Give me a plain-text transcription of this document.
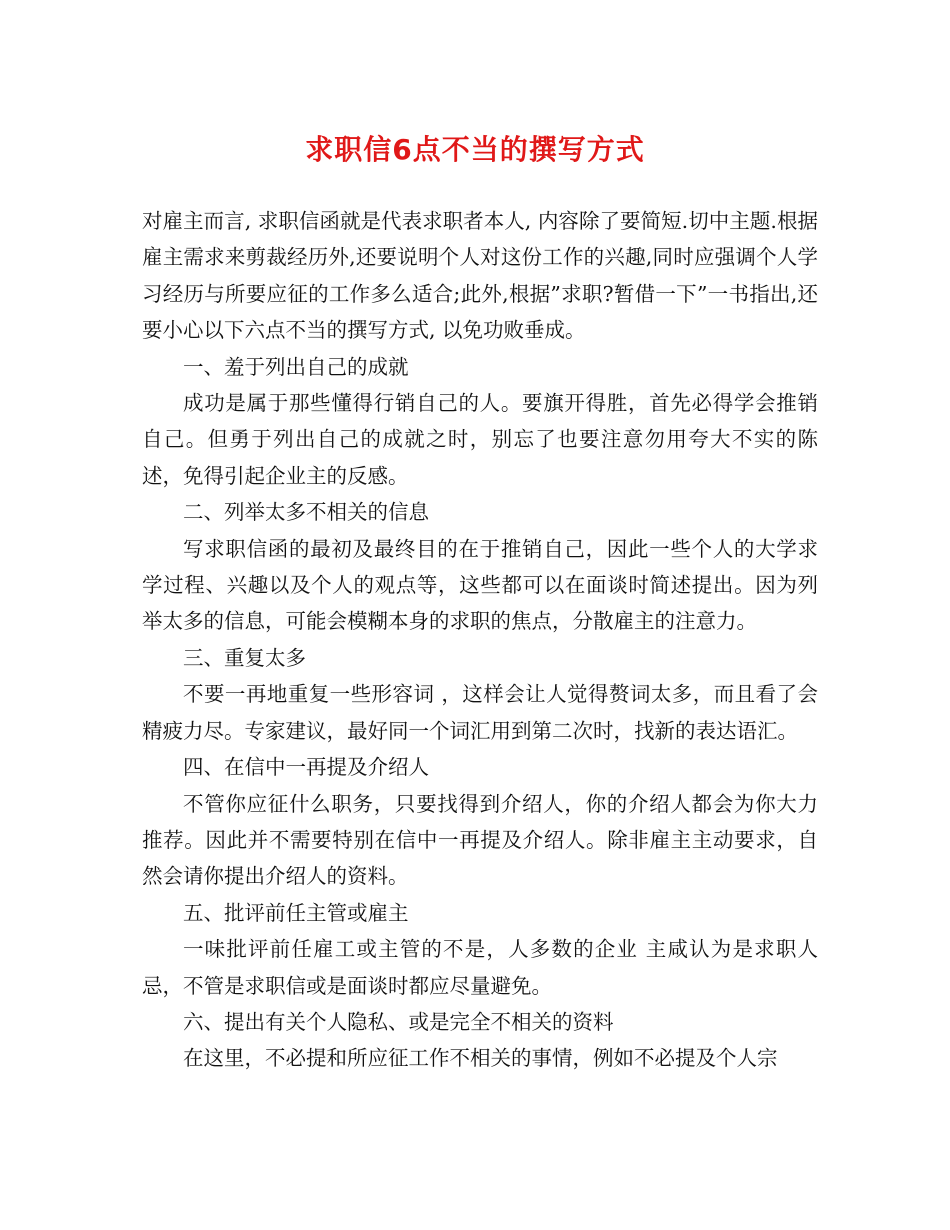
求职信6点不当的撰写方式

对雇主而言, 求职信函就是代表求职者本人, 内容除了要简短.切中主题.根据雇主需求来剪裁经历外,还要说明个人对这份工作的兴趣,同时应强调个人学习经历与所要应征的工作多么适合;此外,根据”求职?暂借一下”一书指出,还要小心以下六点不当的撰写方式, 以免功败垂成。

一、羞于列出自己的成就

成功是属于那些懂得行销自己的人。要旗开得胜，首先必得学会推销自己。但勇于列出自己的成就之时，别忘了也要注意勿用夸大不实的陈述，免得引起企业主的反感。

二、列举太多不相关的信息

写求职信函的最初及最终目的在于推销自己，因此一些个人的大学求学过程、兴趣以及个人的观点等，这些都可以在面谈时简述提出。因为列举太多的信息，可能会模糊本身的求职的焦点，分散雇主的注意力。

三、重复太多

不要一再地重复一些形容词 ，这样会让人觉得赘词太多，而且看了会精疲力尽。专家建议，最好同一个词汇用到第二次时，找新的表达语汇。

四、在信中一再提及介绍人

不管你应征什么职务，只要找得到介绍人，你的介绍人都会为你大力推荐。因此并不需要特别在信中一再提及介绍人。除非雇主主动要求，自然会请你提出介绍人的资料。

五、批评前任主管或雇主

一味批评前任雇工或主管的不是，人多数的企业 主咸认为是求职人忌，不管是求职信或是面谈时都应尽量避免。

六、提出有关个人隐私、或是完全不相关的资料

在这里，不必提和所应征工作不相关的事情，例如不必提及个人宗
